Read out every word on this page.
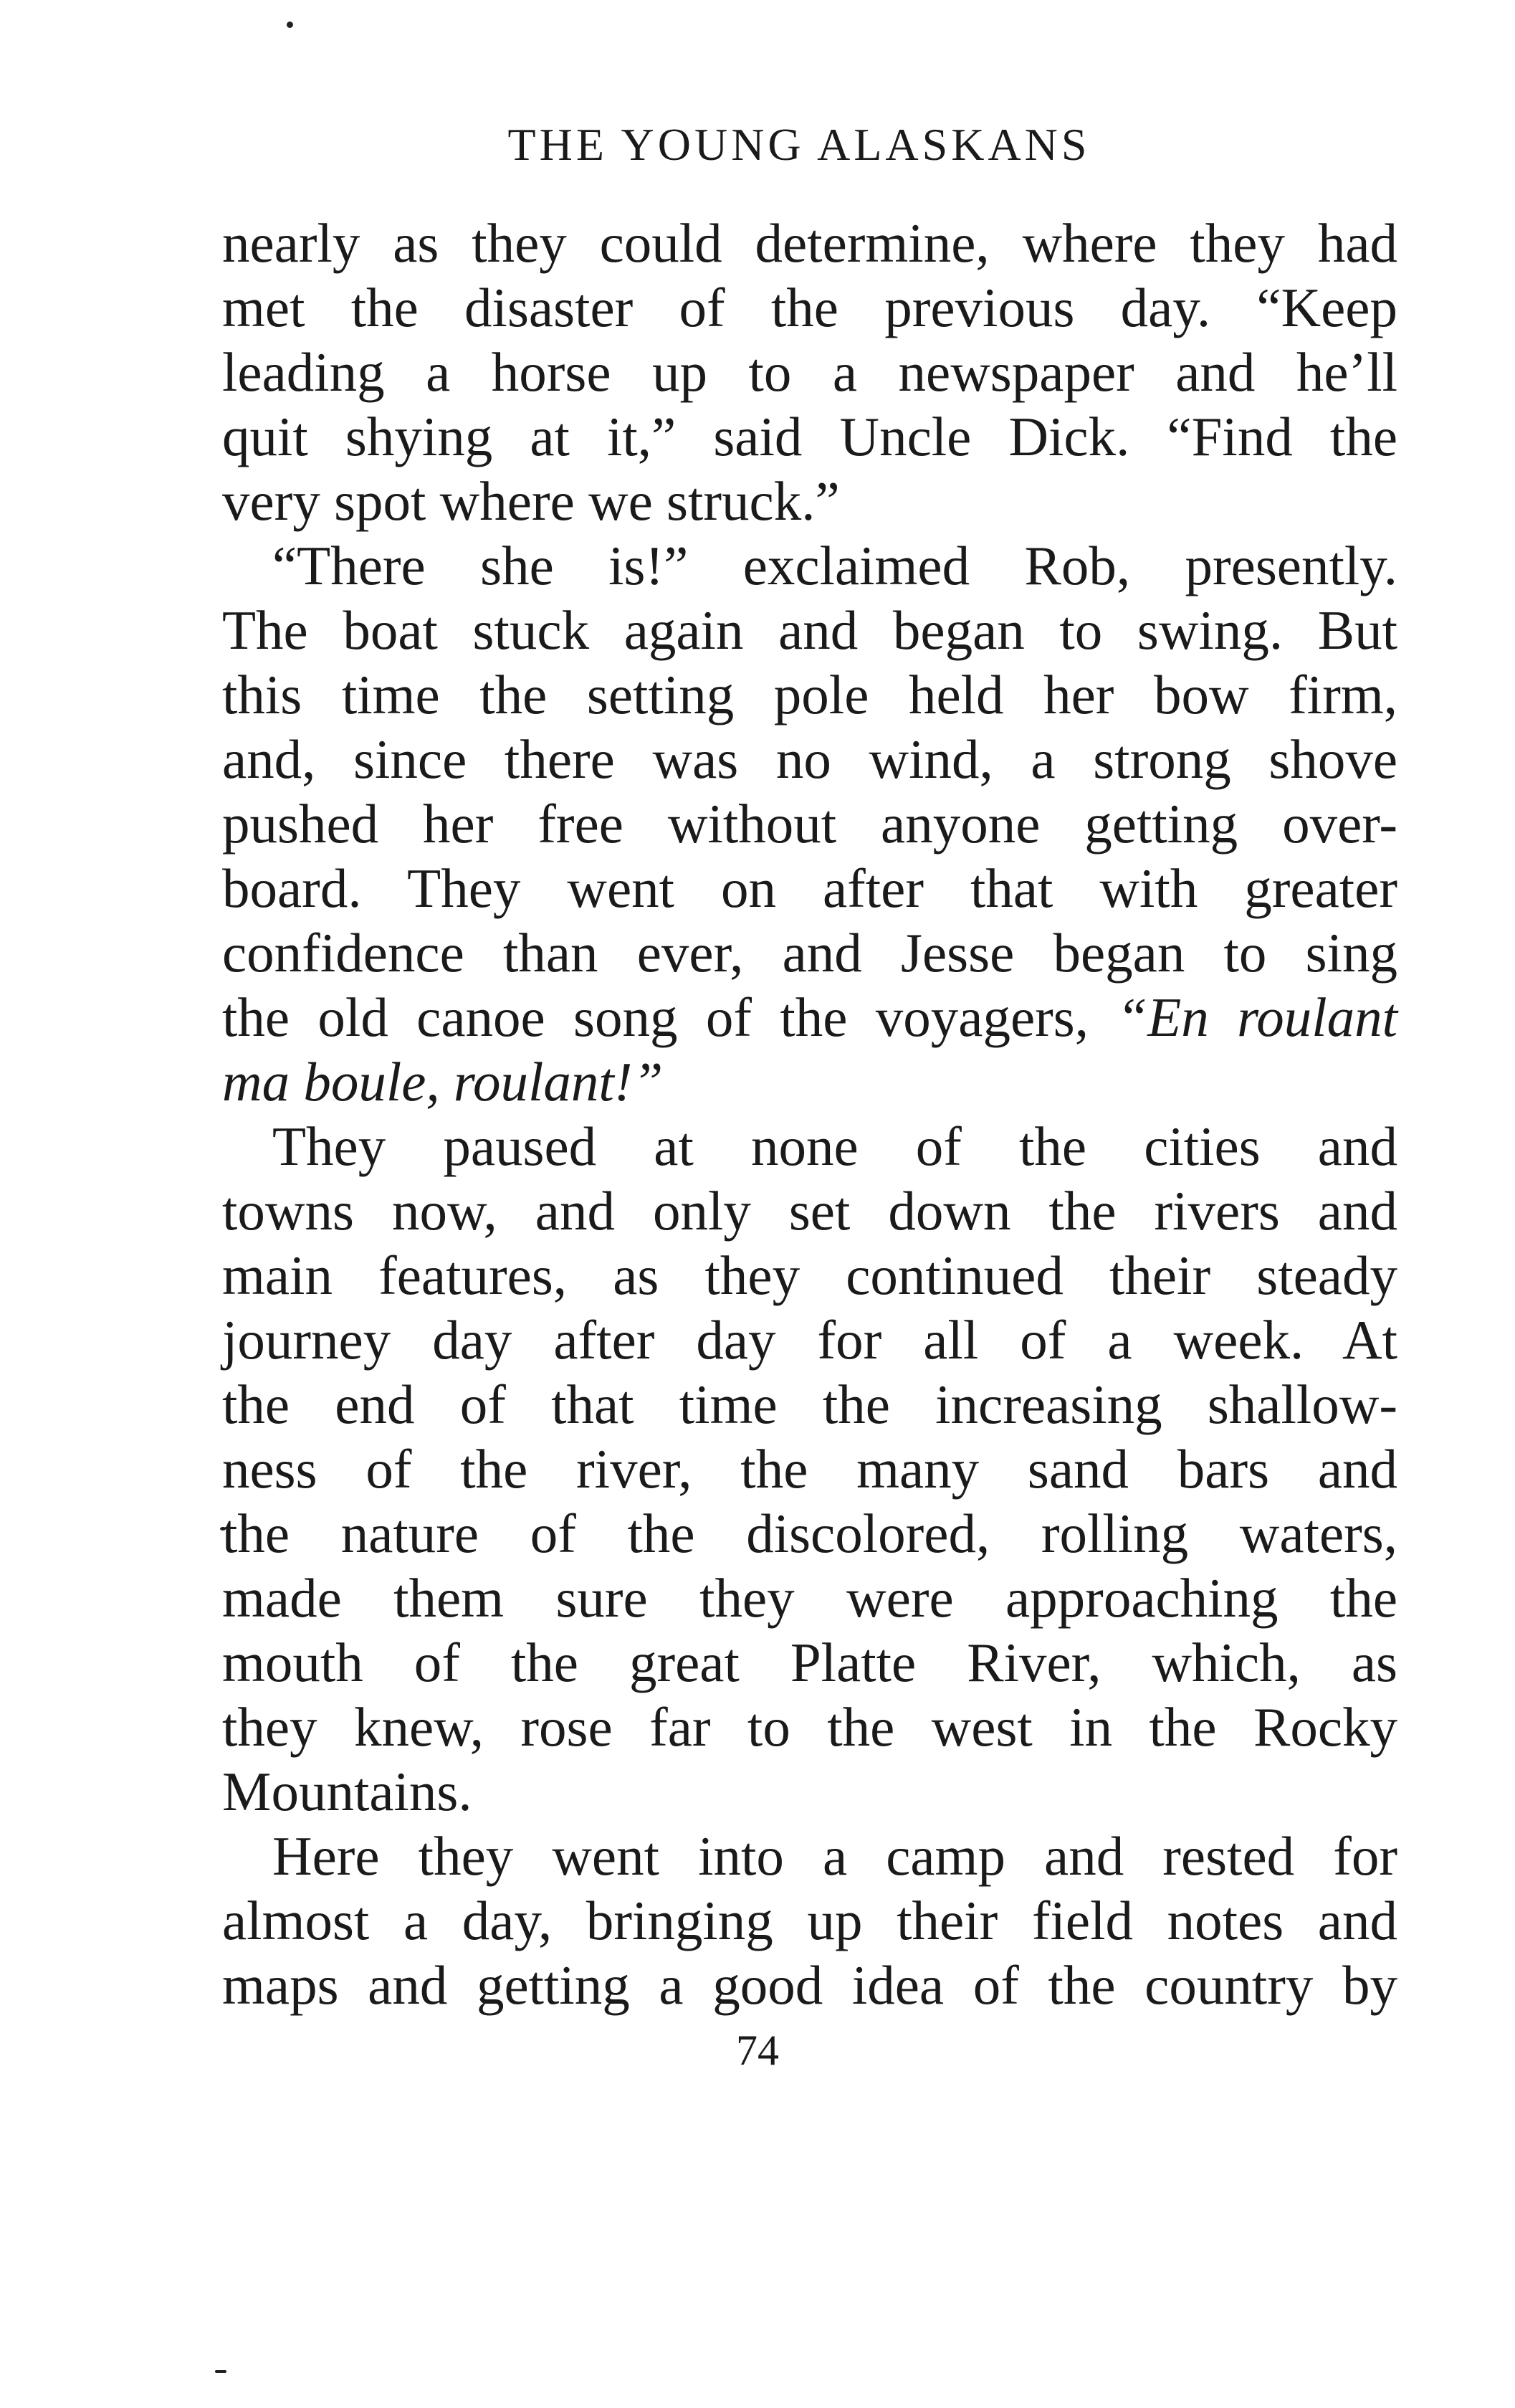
THE YOUNG ALASKANS
nearly as they could determine, where they had
met the disaster of the previous day. “Keep
leading a horse up to a newspaper and he’ll
quit shying at it,” said Uncle Dick. “Find the
very spot where we struck.”
“There she is!” exclaimed Rob, presently.
The boat stuck again and began to swing. But
this time the setting pole held her bow firm,
and, since there was no wind, a strong shove
pushed her free without anyone getting over-
board. They went on after that with greater
confidence than ever, and Jesse began to sing
the old canoe song of the voyagers, “En roulant
ma boule, roulant!”
They paused at none of the cities and
towns now, and only set down the rivers and
main features, as they continued their steady
journey day after day for all of a week. At
the end of that time the increasing shallow-
ness of the river, the many sand bars and
the nature of the discolored, rolling waters,
made them sure they were approaching the
mouth of the great Platte River, which, as
they knew, rose far to the west in the Rocky
Mountains.
Here they went into a camp and rested for
almost a day, bringing up their field notes and
maps and getting a good idea of the country by
74
